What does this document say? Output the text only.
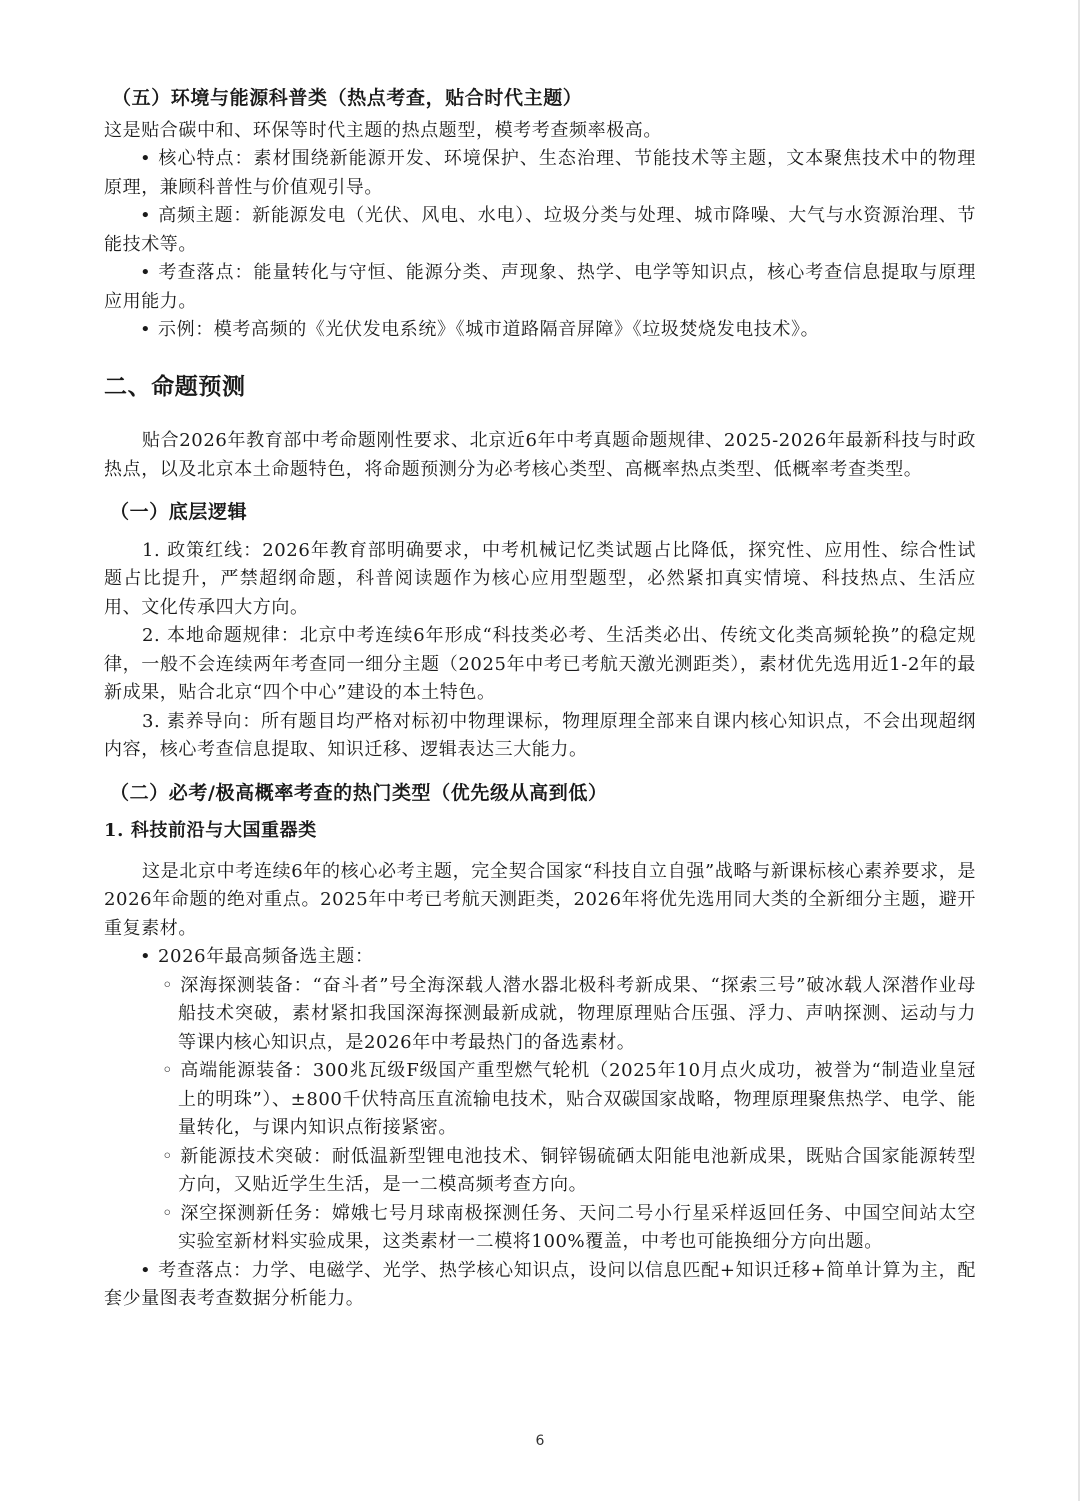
（五）环境与能源科普类（热点考查，贴合时代主题）
这是贴合碳中和、环保等时代主题的热点题型，模考考查频率极高。
• 核心特点：素材围绕新能源开发、环境保护、生态治理、节能技术等主题，文本聚焦技术中的物理原理，兼顾科普性与价值观引导。
• 高频主题：新能源发电（光伏、风电、水电）、垃圾分类与处理、城市降噪、大气与水资源治理、节能技术等。
• 考查落点：能量转化与守恒、能源分类、声现象、热学、电学等知识点，核心考查信息提取与原理应用能力。
• 示例：模考高频的《光伏发电系统》《城市道路隔音屏障》《垃圾焚烧发电技术》。
二、命题预测
贴合2026年教育部中考命题刚性要求、北京近6年中考真题命题规律、2025-2026年最新科技与时政热点，以及北京本土命题特色，将命题预测分为必考核心类型、高概率热点类型、低概率考查类型。
（一）底层逻辑
1. 政策红线：2026年教育部明确要求，中考机械记忆类试题占比降低，探究性、应用性、综合性试题占比提升，严禁超纲命题，科普阅读题作为核心应用型题型，必然紧扣真实情境、科技热点、生活应用、文化传承四大方向。
2. 本地命题规律：北京中考连续6年形成“科技类必考、生活类必出、传统文化类高频轮换”的稳定规律，一般不会连续两年考查同一细分主题（2025年中考已考航天激光测距类），素材优先选用近1-2年的最新成果，贴合北京“四个中心”建设的本土特色。
3. 素养导向：所有题目均严格对标初中物理课标，物理原理全部来自课内核心知识点，不会出现超纲内容，核心考查信息提取、知识迁移、逻辑表达三大能力。
（二）必考/极高概率考查的热门类型（优先级从高到低）
1. 科技前沿与大国重器类
这是北京中考连续6年的核心必考主题，完全契合国家“科技自立自强”战略与新课标核心素养要求，是2026年命题的绝对重点。2025年中考已考航天测距类，2026年将优先选用同大类的全新细分主题，避开重复素材。
• 2026年最高频备选主题：
◦ 深海探测装备：“奋斗者”号全海深载人潜水器北极科考新成果、“探索三号”破冰载人深潜作业母船技术突破，素材紧扣我国深海探测最新成就，物理原理贴合压强、浮力、声呐探测、运动与力等课内核心知识点，是2026年中考最热门的备选素材。
◦ 高端能源装备：300兆瓦级F级国产重型燃气轮机（2025年10月点火成功，被誉为“制造业皇冠上的明珠”）、±800千伏特高压直流输电技术，贴合双碳国家战略，物理原理聚焦热学、电学、能量转化，与课内知识点衔接紧密。
◦ 新能源技术突破：耐低温新型锂电池技术、铜锌锡硫硒太阳能电池新成果，既贴合国家能源转型方向，又贴近学生生活，是一二模高频考查方向。
◦ 深空探测新任务：嫦娥七号月球南极探测任务、天问二号小行星采样返回任务、中国空间站太空实验室新材料实验成果，这类素材一二模将100%覆盖，中考也可能换细分方向出题。
• 考查落点：力学、电磁学、光学、热学核心知识点，设问以信息匹配+知识迁移+简单计算为主，配套少量图表考查数据分析能力。
6
